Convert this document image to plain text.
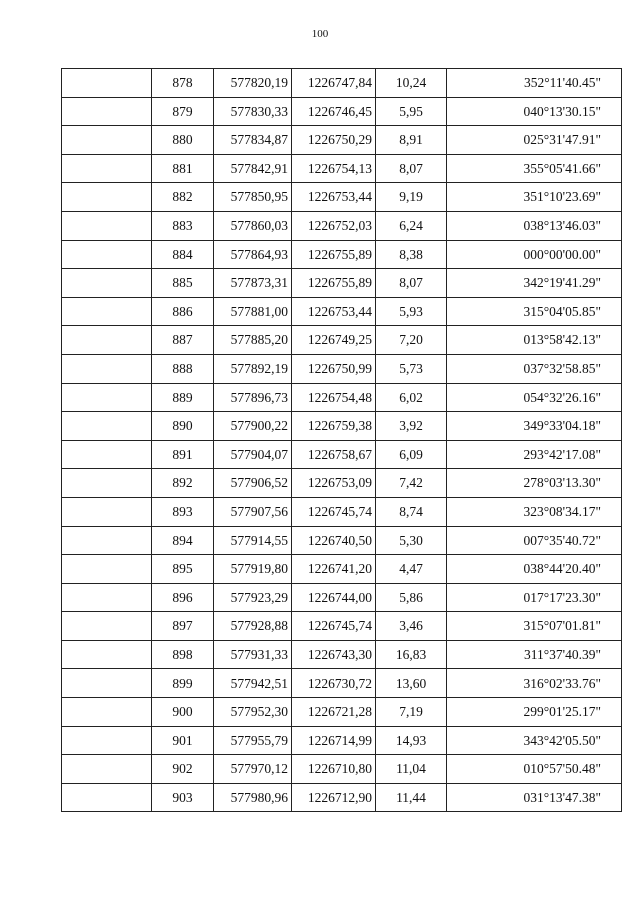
100
	878	577820,19	1226747,84	10,24	352°11'40.45"
	879	577830,33	1226746,45	5,95	040°13'30.15"
	880	577834,87	1226750,29	8,91	025°31'47.91"
	881	577842,91	1226754,13	8,07	355°05'41.66"
	882	577850,95	1226753,44	9,19	351°10'23.69"
	883	577860,03	1226752,03	6,24	038°13'46.03"
	884	577864,93	1226755,89	8,38	000°00'00.00"
	885	577873,31	1226755,89	8,07	342°19'41.29"
	886	577881,00	1226753,44	5,93	315°04'05.85"
	887	577885,20	1226749,25	7,20	013°58'42.13"
	888	577892,19	1226750,99	5,73	037°32'58.85"
	889	577896,73	1226754,48	6,02	054°32'26.16"
	890	577900,22	1226759,38	3,92	349°33'04.18"
	891	577904,07	1226758,67	6,09	293°42'17.08"
	892	577906,52	1226753,09	7,42	278°03'13.30"
	893	577907,56	1226745,74	8,74	323°08'34.17"
	894	577914,55	1226740,50	5,30	007°35'40.72"
	895	577919,80	1226741,20	4,47	038°44'20.40"
	896	577923,29	1226744,00	5,86	017°17'23.30"
	897	577928,88	1226745,74	3,46	315°07'01.81"
	898	577931,33	1226743,30	16,83	311°37'40.39"
	899	577942,51	1226730,72	13,60	316°02'33.76"
	900	577952,30	1226721,28	7,19	299°01'25.17"
	901	577955,79	1226714,99	14,93	343°42'05.50"
	902	577970,12	1226710,80	11,04	010°57'50.48"
	903	577980,96	1226712,90	11,44	031°13'47.38"
